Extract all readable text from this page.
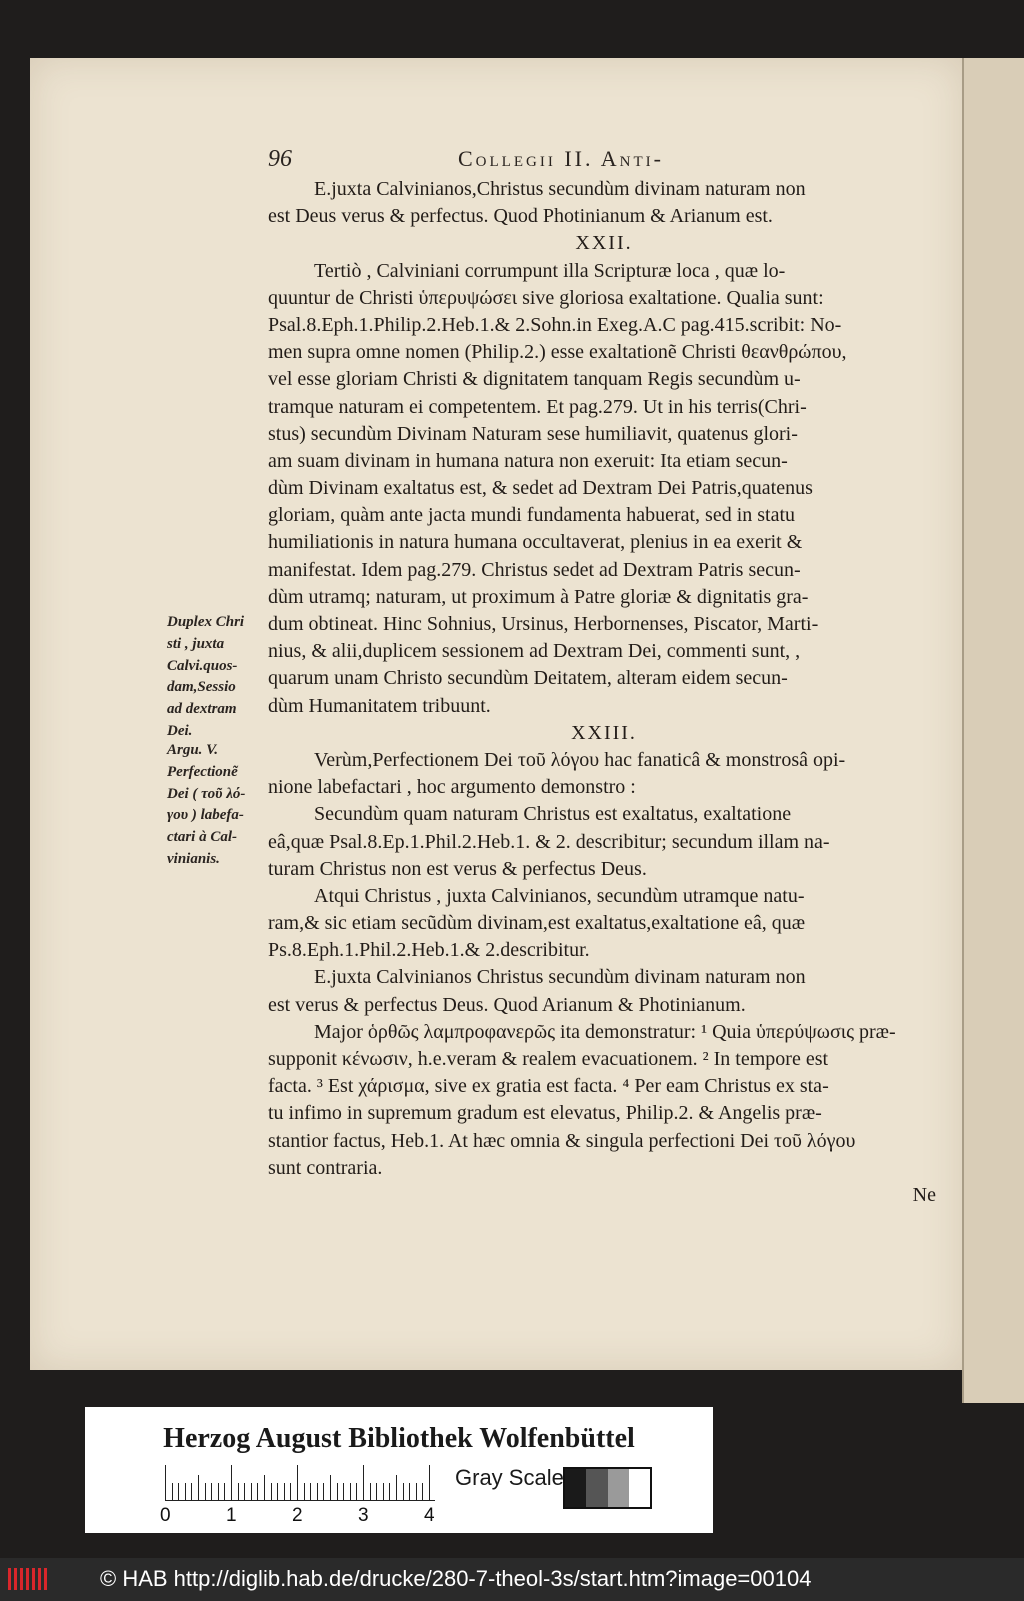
96	Collegii II. Anti-
E.juxta Calvinianos,Christus secundùm divinam naturam non
est Deus verus & perfectus. Quod Photinianum & Arianum est.
XXII.
Tertiò , Calviniani corrumpunt illa Scripturæ loca , quæ lo-
quuntur de Christi ὑπερυψώσει sive gloriosa exaltatione. Qualia sunt:
Psal.8.Eph.1.Philip.2.Heb.1.& 2.Sohn.in Exeg.A.C pag.415.scribit: No-
men supra omne nomen (Philip.2.) esse exaltationẽ Christi θεανθρώπου,
vel esse gloriam Christi & dignitatem tanquam Regis secundùm u-
tramque naturam ei competentem. Et pag.279. Ut in his terris(Chri-
stus) secundùm Divinam Naturam sese humiliavit, quatenus glori-
am suam divinam in humana natura non exeruit: Ita etiam secun-
dùm Divinam exaltatus est, & sedet ad Dextram Dei Patris,quatenus
gloriam, quàm ante jacta mundi fundamenta habuerat, sed in statu
humiliationis in natura humana occultaverat, plenius in ea exerit &
manifestat. Idem pag.279. Christus sedet ad Dextram Patris secun-
dùm utramq; naturam, ut proximum à Patre gloriæ & dignitatis gra-
dum obtineat. Hinc Sohnius, Ursinus, Herbornenses, Piscator, Marti-
nius, & alii,duplicem sessionem ad Dextram Dei, commenti sunt, ,
quarum unam Christo secundùm Deitatem, alteram eidem secun-
dùm Humanitatem tribuunt.
XXIII.
Verùm,Perfectionem Dei τοῦ λόγου hac fanaticâ & monstrosâ opi-
nione labefactari , hoc argumento demonstro :
Secundùm quam naturam Christus est exaltatus, exaltatione
eâ,quæ Psal.8.Ep.1.Phil.2.Heb.1. & 2. describitur; secundum illam na-
turam Christus non est verus & perfectus Deus.
Atqui Christus , juxta Calvinianos, secundùm utramque natu-
ram,& sic etiam secũdùm divinam,est exaltatus,exaltatione eâ, quæ
Ps.8.Eph.1.Phil.2.Heb.1.& 2.describitur.
E.juxta Calvinianos Christus secundùm divinam naturam non
est verus & perfectus Deus. Quod Arianum & Photinianum.
Major ὁρθῶς λαμπροφανερῶς ita demonstratur: ¹ Quia ὑπερύψωσις præ-
supponit κένωσιν, h.e.veram & realem evacuationem. ² In tempore est
facta. ³ Est χάρισμα, sive ex gratia est facta. ⁴ Per eam Christus ex sta-
tu infimo in supremum gradum est elevatus, Philip.2. & Angelis præ-
stantior factus, Heb.1. At hæc omnia & singula perfectioni Dei τοῦ λόγου
sunt contraria.
Ne
Duplex Chri
sti , juxta
Calvi.quos-
dam,Sessio
ad dextram
Dei.
Argu. V.
Perfectionẽ
Dei ( τοῦ λό-
γου ) labefa-
ctari à Cal-
vinianis.
Herzog August Bibliothek Wolfenbüttel
0	1	2	3	4
Gray Scale
© HAB http://diglib.hab.de/drucke/280-7-theol-3s/start.htm?image=00104
